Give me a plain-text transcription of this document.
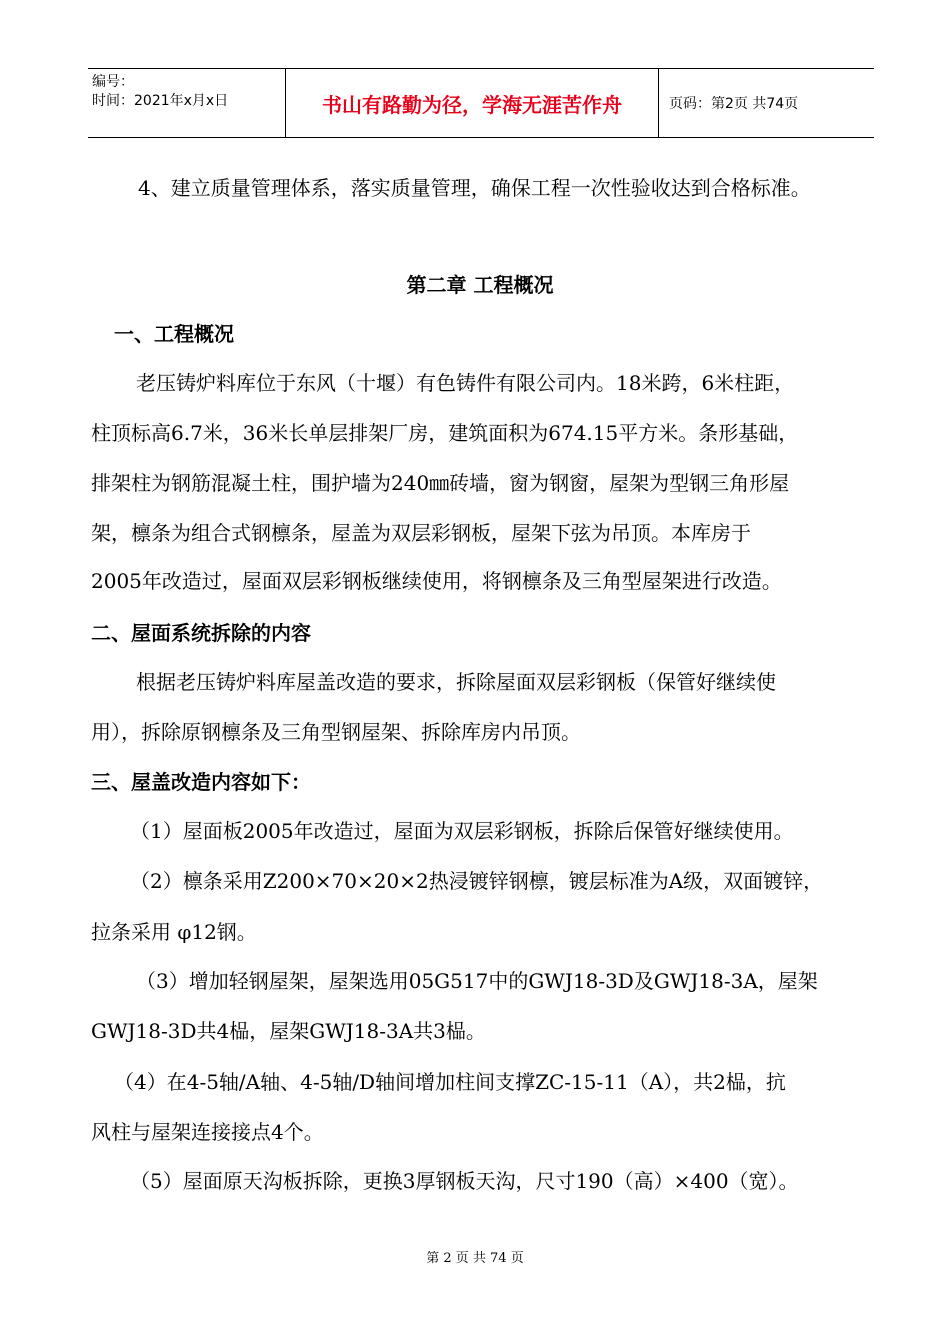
编号：
时间：2021年x月x日	书山有路勤为径，学海无涯苦作舟	页码：第2页 共74页
4、建立质量管理体系，落实质量管理，确保工程一次性验收达到合格标准。
第二章 工程概况
一、工程概况
老压铸炉料库位于东风（十堰）有色铸件有限公司内。18米跨，6米柱距，
柱顶标高6.7米，36米长单层排架厂房，建筑面积为674.15平方米。条形基础，
排架柱为钢筋混凝土柱，围护墙为240㎜砖墙，窗为钢窗，屋架为型钢三角形屋
架，檩条为组合式钢檩条，屋盖为双层彩钢板，屋架下弦为吊顶。本库房于
2005年改造过，屋面双层彩钢板继续使用，将钢檩条及三角型屋架进行改造。
二、屋面系统拆除的内容
根据老压铸炉料库屋盖改造的要求，拆除屋面双层彩钢板（保管好继续使
用），拆除原钢檩条及三角型钢屋架、拆除库房内吊顶。
三、屋盖改造内容如下：
（1）屋面板2005年改造过，屋面为双层彩钢板，拆除后保管好继续使用。
（2）檩条采用Z200×70×20×2热浸镀锌钢檩，镀层标准为A级，双面镀锌，
拉条采用 φ12钢。
（3）增加轻钢屋架，屋架选用05G517中的GWJ18-3D及GWJ18-3A，屋架
GWJ18-3D共4榀，屋架GWJ18-3A共3榀。
（4）在4-5轴/A轴、4-5轴/D轴间增加柱间支撑ZC-15-11（A），共2榀，抗
风柱与屋架连接接点4个。
（5）屋面原天沟板拆除，更换3厚钢板天沟，尺寸190（高）×400（宽）。
第 2 页 共 74 页
